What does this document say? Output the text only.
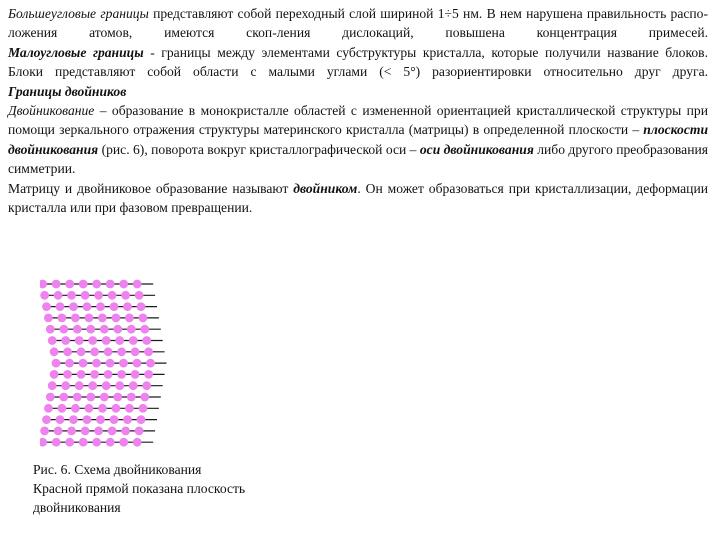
Большеугловые границы представляют собой переходный слой шириной 1÷5 нм. В нем нарушена правильность распо-ложения атомов, имеются скоп-ления дислокаций, повышена концентрация примесей.

Малоугловые границы - границы между элементами субструктуры кристалла, которые получили название блоков. Блоки представляют собой области с малыми углами (< 5°) разориентировки относительно друг друга.

Границы двойников

Двойникование – образование в монокристалле областей с измененной ориентацией кристаллической структуры при помощи зеркального отражения структуры материнского кристалла (матрицы) в определенной плоскости – плоскости двойникования (рис. 6), поворота вокруг кристаллографической оси – оси двойникования либо другого преобразования симметрии.

Матрицу и двойниковое образование называют двойником. Он может образоваться при кристаллизации, деформации кристалла или при фазовом превращении.

Рис. 6. Схема двойникования
Красной прямой показана плоскость
двойникования
